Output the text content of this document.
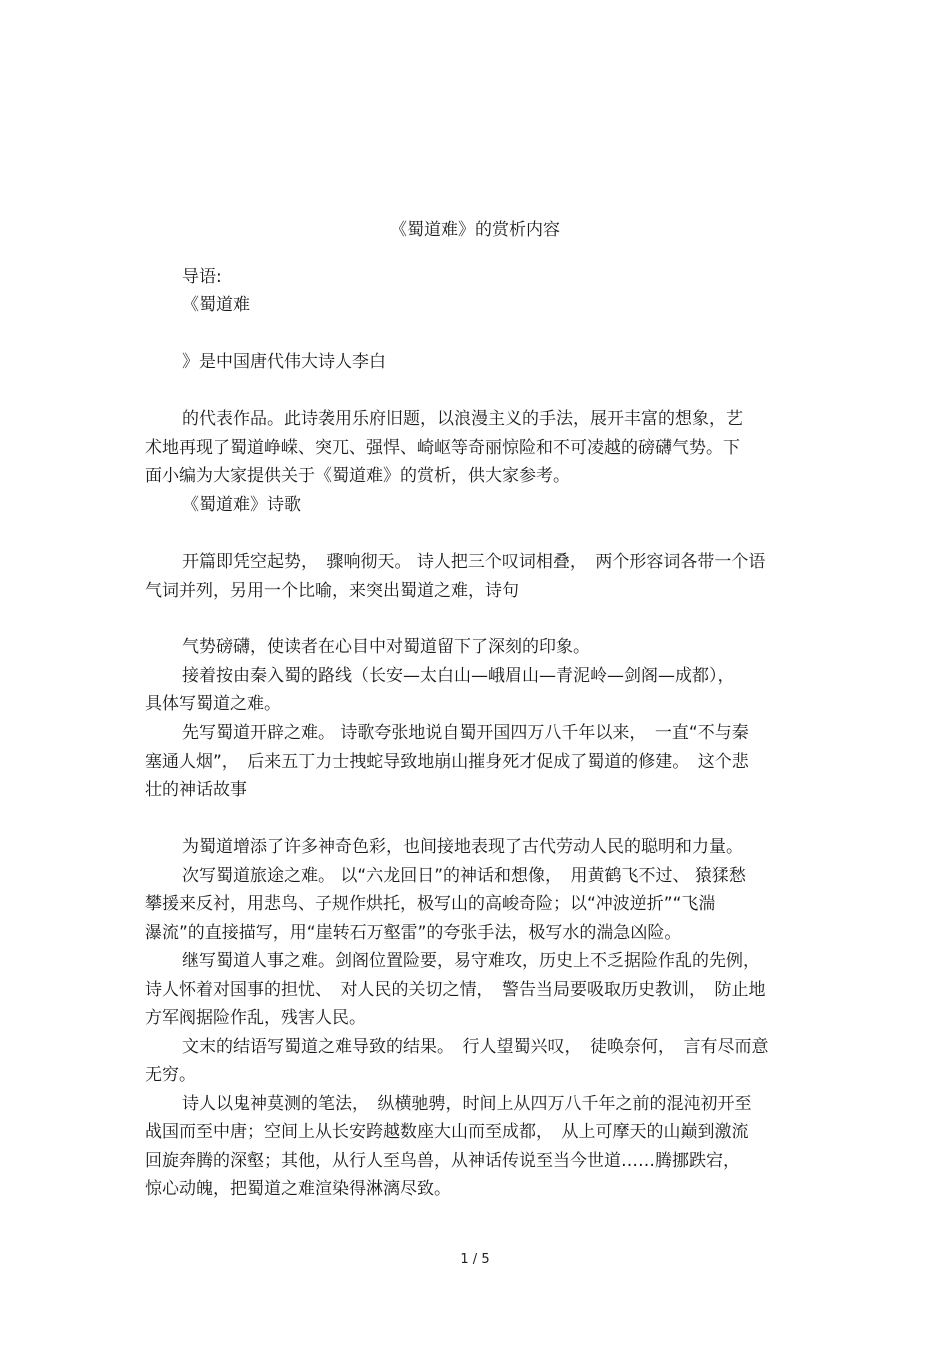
《蜀道难》的赏析内容
导语:
《蜀道难
》是中国唐代伟大诗人李白
的代表作品。此诗袭用乐府旧题，以浪漫主义的手法，展开丰富的想象，艺
术地再现了蜀道峥嵘、突兀、强悍、崎岖等奇丽惊险和不可凌越的磅礴气势。下
面小编为大家提供关于《蜀道难》的赏析，供大家参考。
《蜀道难》诗歌
开篇即凭空起势，　骤响彻天。 诗人把三个叹词相叠，　两个形容词各带一个语
气词并列，另用一个比喻，来突出蜀道之难，诗句
气势磅礴，使读者在心目中对蜀道留下了深刻的印象。
接着按由秦入蜀的路线（长安—太白山—峨眉山—青泥岭—剑阁—成都），
具体写蜀道之难。
先写蜀道开辟之难。 诗歌夸张地说自蜀开国四万八千年以来，　一直“不与秦
塞通人烟”，　后来五丁力士拽蛇导致地崩山摧身死才促成了蜀道的修建。　这个悲
壮的神话故事
为蜀道增添了许多神奇色彩，也间接地表现了古代劳动人民的聪明和力量。
次写蜀道旅途之难。 以“六龙回日”的神话和想像，　用黄鹤飞不过、 猿猱愁
攀援来反衬，用悲鸟、子规作烘托，极写山的高峻奇险；以“冲波逆折”“飞湍
瀑流”的直接描写，用“崖转石万壑雷”的夸张手法，极写水的湍急凶险。
继写蜀道人事之难。剑阁位置险要，易守难攻，历史上不乏据险作乱的先例，
诗人怀着对国事的担忧、　对人民的关切之情，　警告当局要吸取历史教训，　防止地
方军阀据险作乱，残害人民。
文末的结语写蜀道之难导致的结果。　行人望蜀兴叹，　徒唤奈何，　言有尽而意
无穷。
诗人以鬼神莫测的笔法，　纵横驰骋，时间上从四万八千年之前的混沌初开至
战国而至中唐；空间上从长安跨越数座大山而至成都，　从上可摩天的山巅到激流
回旋奔腾的深壑；其他，从行人至鸟兽，从神话传说至当今世道……腾挪跌宕，
惊心动魄，把蜀道之难渲染得淋漓尽致。
1 / 5
